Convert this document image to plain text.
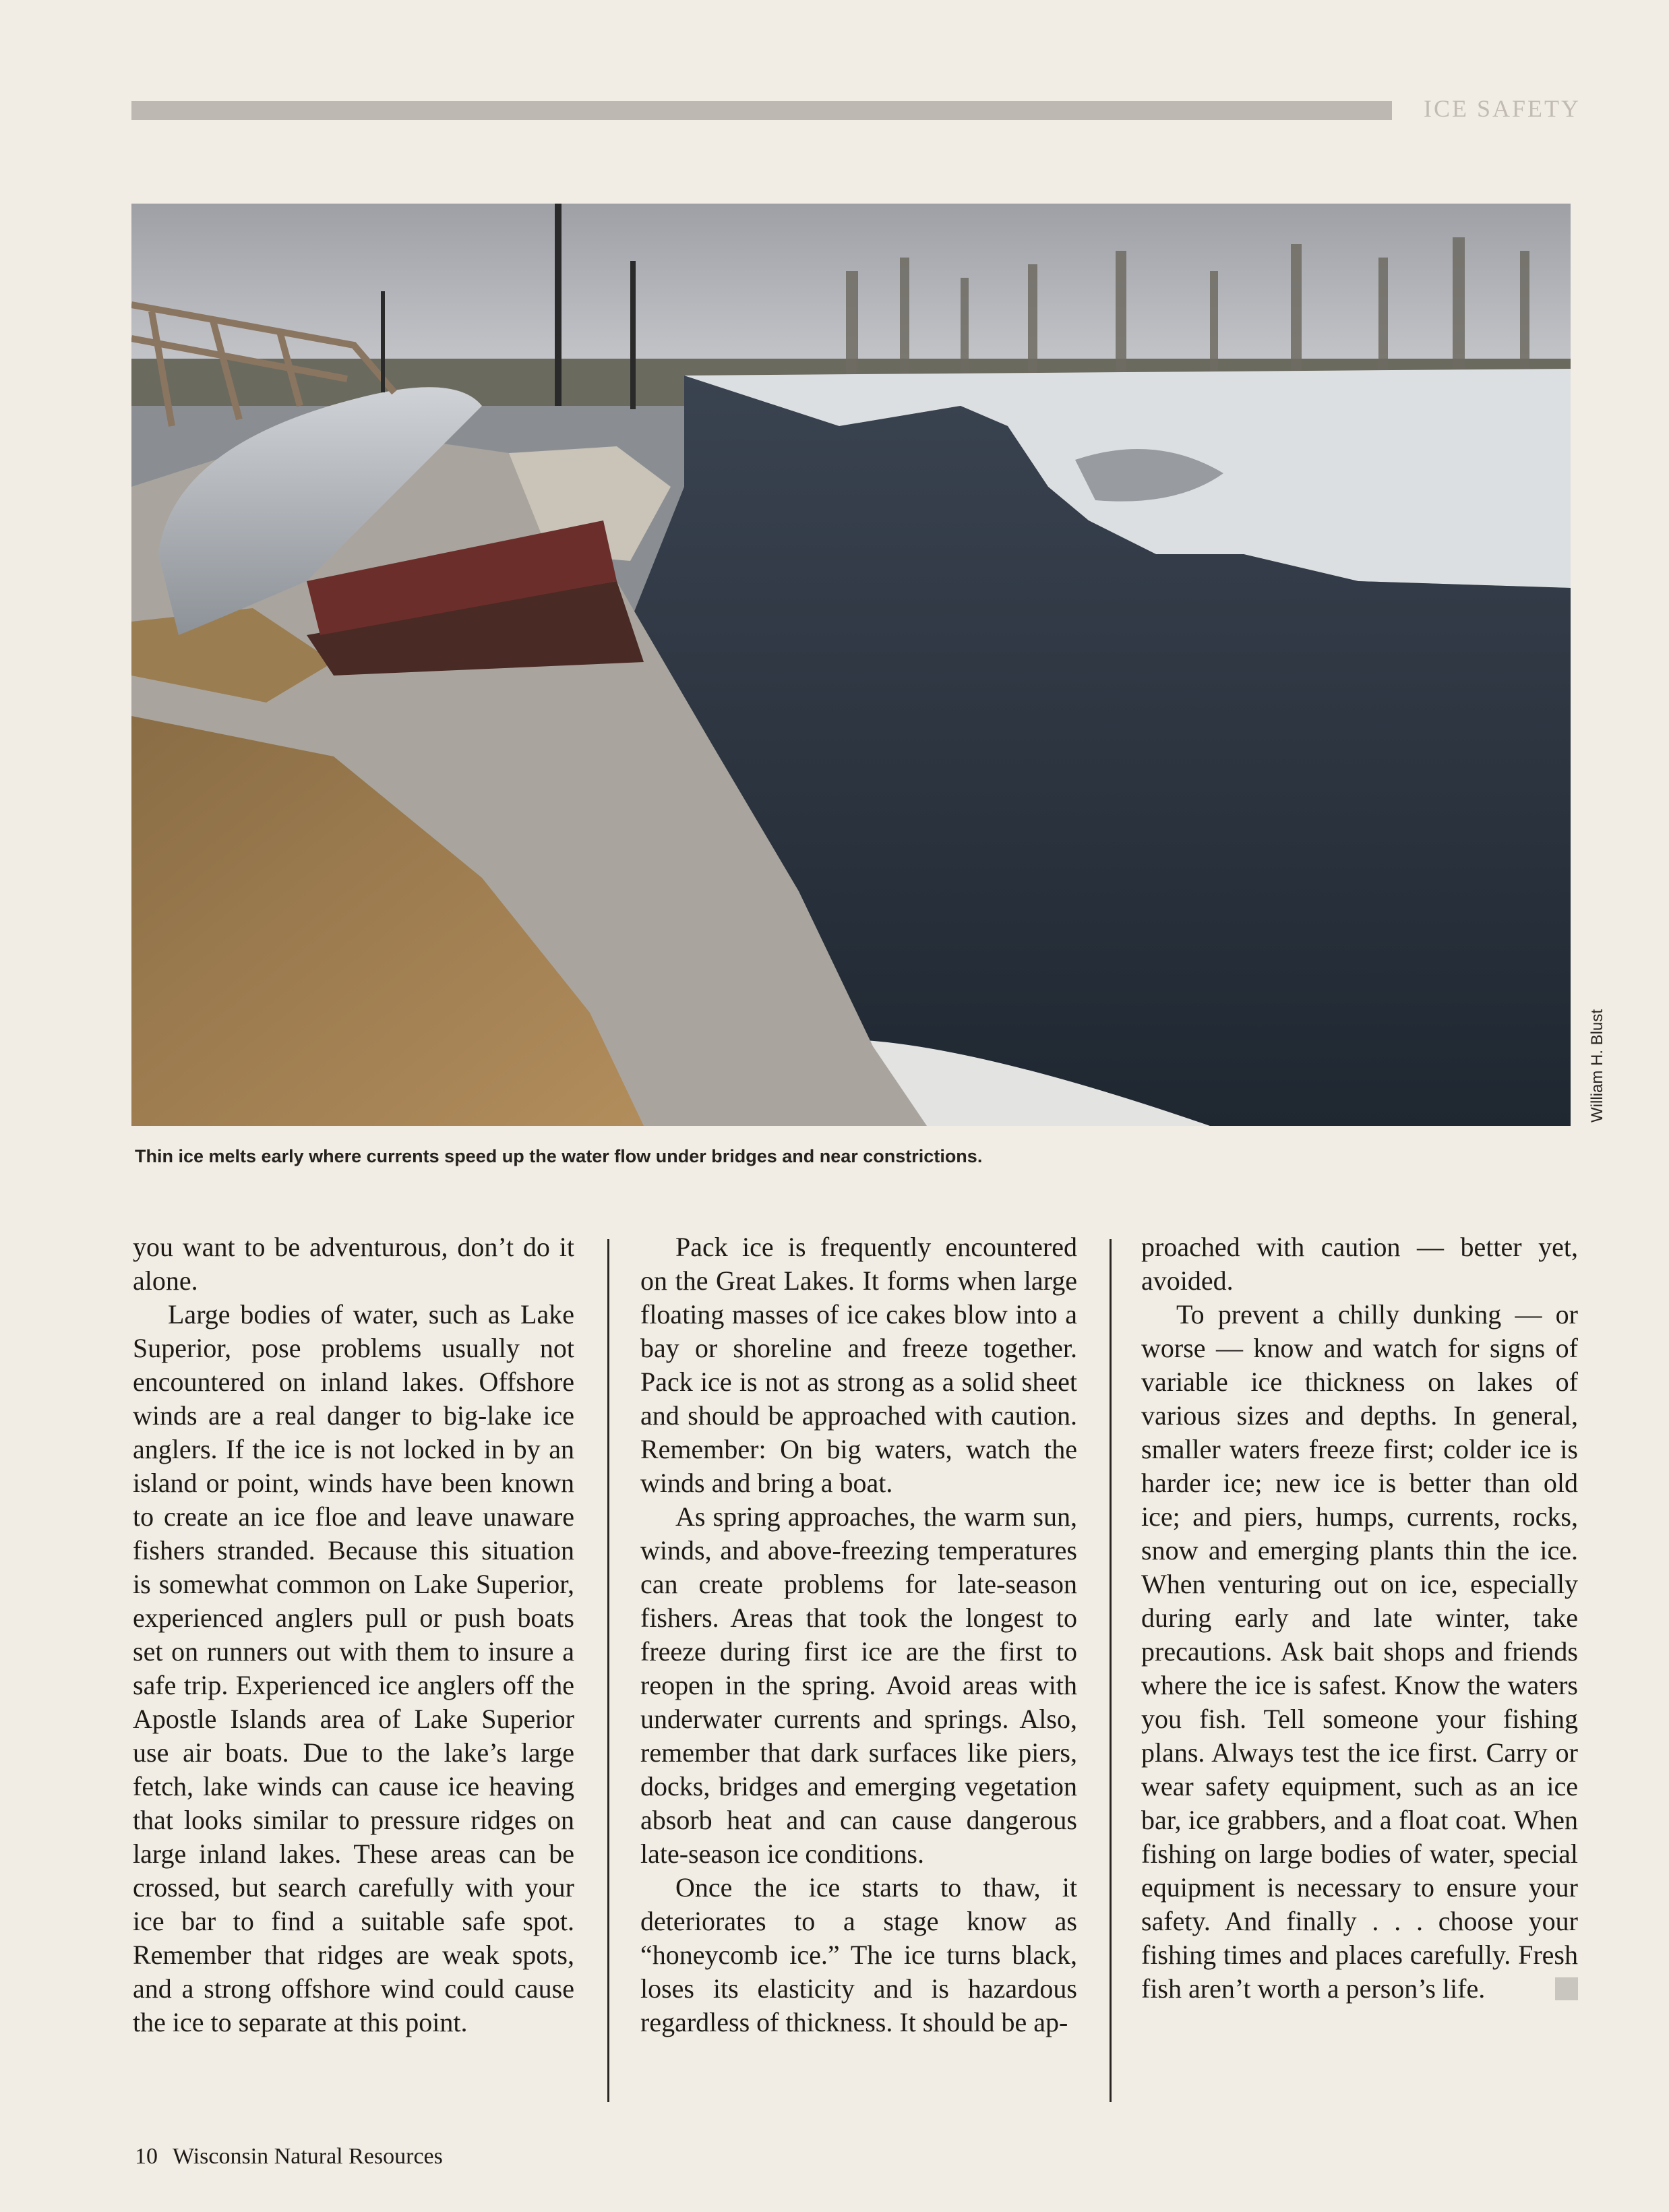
ICE SAFETY
William H. Blust
Thin ice melts early where currents speed up the water flow under bridges and near constrictions.

you want to be adventurous, don’t do it alone.

Large bodies of water, such as Lake Superior, pose problems usually not encountered on inland lakes. Offshore winds are a real danger to big-lake ice anglers. If the ice is not locked in by an island or point, winds have been known to create an ice floe and leave unaware fishers stranded. Because this situation is somewhat common on Lake Superior, experienced anglers pull or push boats set on runners out with them to insure a safe trip. Experienced ice anglers off the Apostle Islands area of Lake Superior use air boats. Due to the lake’s large fetch, lake winds can cause ice heaving that looks similar to pressure ridges on large inland lakes. These areas can be crossed, but search carefully with your ice bar to find a suitable safe spot. Remember that ridges are weak spots, and a strong offshore wind could cause the ice to separate at this point.

Pack ice is frequently encountered on the Great Lakes. It forms when large floating masses of ice cakes blow into a bay or shoreline and freeze together. Pack ice is not as strong as a solid sheet and should be approached with caution. Remember: On big waters, watch the winds and bring a boat.

As spring approaches, the warm sun, winds, and above-freezing temperatures can create problems for late-season fishers. Areas that took the longest to freeze during first ice are the first to reopen in the spring. Avoid areas with underwater currents and springs. Also, remember that dark surfaces like piers, docks, bridges and emerging vegetation absorb heat and can cause dangerous late-season ice conditions.

Once the ice starts to thaw, it deteriorates to a stage know as “honeycomb ice.” The ice turns black, loses its elasticity and is hazardous regardless of thickness. It should be ap-

proached with caution — better yet, avoided.

To prevent a chilly dunking — or worse — know and watch for signs of variable ice thickness on lakes of various sizes and depths. In general, smaller waters freeze first; colder ice is harder ice; new ice is better than old ice; and piers, humps, currents, rocks, snow and emerging plants thin the ice. When venturing out on ice, especially during early and late winter, take precautions. Ask bait shops and friends where the ice is safest. Know the waters you fish. Tell someone your fishing plans. Always test the ice first. Carry or wear safety equipment, such as an ice bar, ice grabbers, and a float coat. When fishing on large bodies of water, special equipment is necessary to ensure your safety. And finally . . . choose your fishing times and places carefully. Fresh fish aren’t worth a person’s life.

10 Wisconsin Natural Resources
